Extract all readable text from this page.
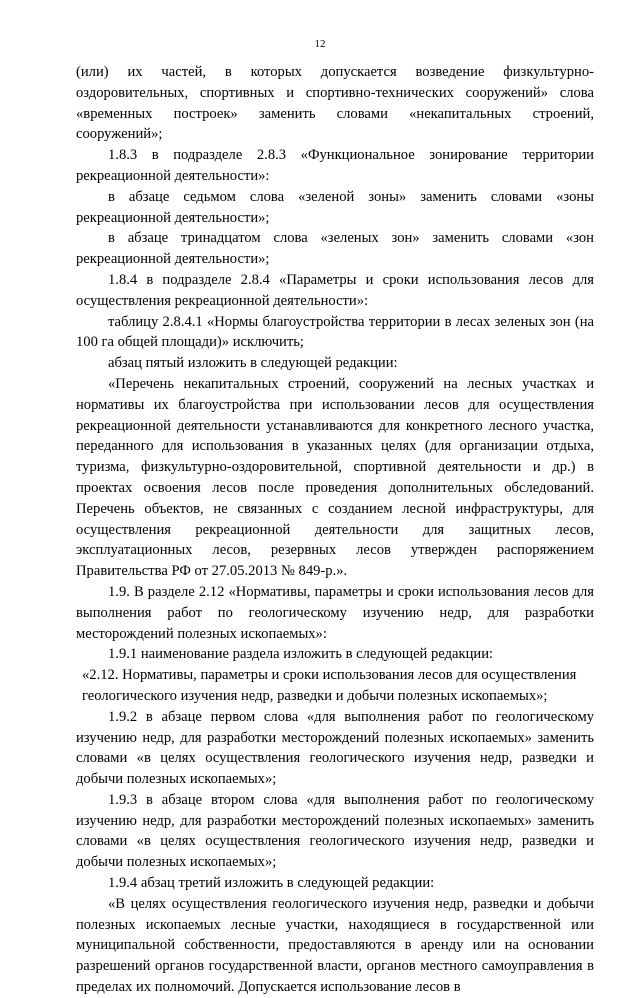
12

(или) их частей, в которых допускается возведение физкультурно-оздоровительных, спортивных и спортивно-технических сооружений» слова «временных построек» заменить словами «некапитальных строений, сооружений»;

1.8.3 в подразделе 2.8.3 «Функциональное зонирование территории рекреационной деятельности»:

в абзаце седьмом слова «зеленой зоны» заменить словами «зоны рекреационной деятельности»;

в абзаце тринадцатом слова «зеленых зон» заменить словами «зон рекреационной деятельности»;

1.8.4 в подразделе 2.8.4 «Параметры и сроки использования лесов для осуществления рекреационной деятельности»:

таблицу 2.8.4.1 «Нормы благоустройства территории в лесах зеленых зон (на 100 га общей площади)» исключить;

абзац пятый изложить в следующей редакции:

«Перечень некапитальных строений, сооружений на лесных участках и нормативы их благоустройства при использовании лесов для осуществления рекреационной деятельности устанавливаются для конкретного лесного участка, переданного для использования в указанных целях (для организации отдыха, туризма, физкультурно-оздоровительной, спортивной деятельности и др.) в проектах освоения лесов после проведения дополнительных обследований. Перечень объектов, не связанных с созданием лесной инфраструктуры, для осуществления рекреационной деятельности для защитных лесов, эксплуатационных лесов, резервных лесов утвержден распоряжением Правительства РФ от 27.05.2013 № 849-р.».

1.9. В разделе 2.12 «Нормативы, параметры и сроки использования лесов для выполнения работ по геологическому изучению недр, для разработки месторождений полезных ископаемых»:

1.9.1 наименование раздела изложить в следующей редакции:

«2.12. Нормативы, параметры и сроки использования лесов для осуществления геологического изучения недр, разведки и добычи полезных ископаемых»;

1.9.2 в абзаце первом слова «для выполнения работ по геологическому изучению недр, для разработки месторождений полезных ископаемых» заменить словами «в целях осуществления геологического изучения недр, разведки и добычи полезных ископаемых»;

1.9.3 в абзаце втором слова «для выполнения работ по геологическому изучению недр, для разработки месторождений полезных ископаемых» заменить словами «в целях осуществления геологического изучения недр, разведки и добычи полезных ископаемых»;

1.9.4 абзац третий изложить в следующей редакции:

«В целях осуществления геологического изучения недр, разведки и добычи полезных ископаемых лесные участки, находящиеся в государственной или муниципальной собственности, предоставляются в аренду или на основании разрешений органов государственной власти, органов местного самоуправления в пределах их полномочий. Допускается использование лесов в
